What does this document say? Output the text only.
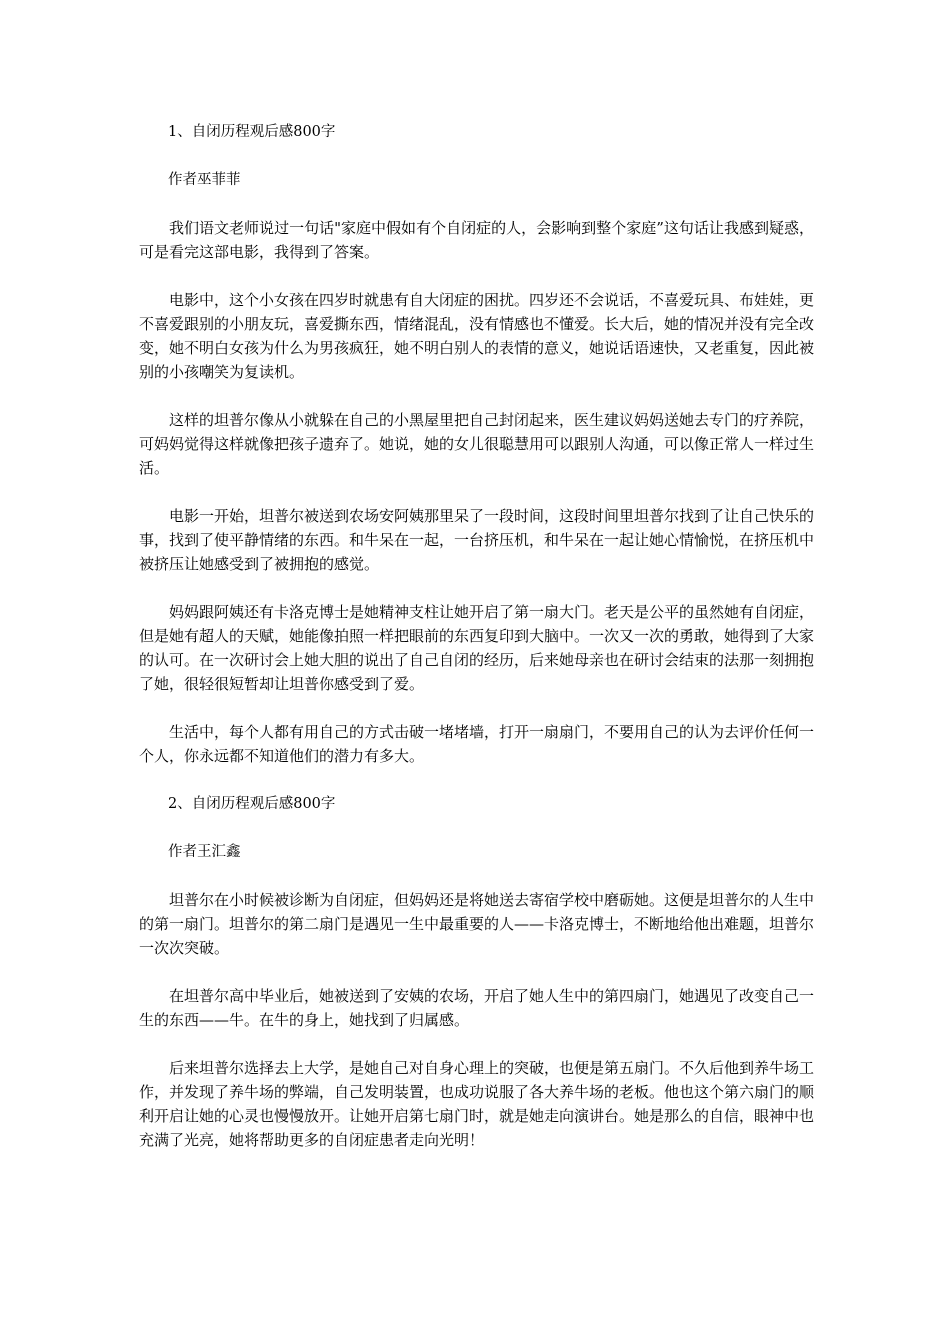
1、自闭历程观后感800字

作者巫菲菲

我们语文老师说过一句话"家庭中假如有个自闭症的人，会影响到整个家庭”这句话让我感到疑惑，可是看完这部电影，我得到了答案。

电影中，这个小女孩在四岁时就患有自大闭症的困扰。四岁还不会说话，不喜爱玩具、布娃娃，更不喜爱跟别的小朋友玩，喜爱撕东西，情绪混乱，没有情感也不懂爱。长大后，她的情况并没有完全改变，她不明白女孩为什么为男孩疯狂，她不明白别人的表情的意义，她说话语速快，又老重复，因此被别的小孩嘲笑为复读机。

这样的坦普尔像从小就躲在自己的小黑屋里把自己封闭起来，医生建议妈妈送她去专门的疗养院，可妈妈觉得这样就像把孩子遗弃了。她说，她的女儿很聪慧用可以跟别人沟通，可以像正常人一样过生活。

电影一开始，坦普尔被送到农场安阿姨那里呆了一段时间，这段时间里坦普尔找到了让自己快乐的事，找到了使平静情绪的东西。和牛呆在一起，一台挤压机，和牛呆在一起让她心情愉悦，在挤压机中被挤压让她感受到了被拥抱的感觉。

妈妈跟阿姨还有卡洛克博士是她精神支柱让她开启了第一扇大门。老天是公平的虽然她有自闭症，但是她有超人的天赋，她能像拍照一样把眼前的东西复印到大脑中。一次又一次的勇敢，她得到了大家的认可。在一次研讨会上她大胆的说出了自己自闭的经历，后来她母亲也在研讨会结束的法那一刻拥抱了她，很轻很短暂却让坦普你感受到了爱。

生活中，每个人都有用自己的方式击破一堵堵墙，打开一扇扇门，不要用自己的认为去评价任何一个人，你永远都不知道他们的潜力有多大。

2、自闭历程观后感800字

作者王汇鑫

坦普尔在小时候被诊断为自闭症，但妈妈还是将她送去寄宿学校中磨砺她。这便是坦普尔的人生中的第一扇门。坦普尔的第二扇门是遇见一生中最重要的人——卡洛克博士，不断地给他出难题，坦普尔一次次突破。

在坦普尔高中毕业后，她被送到了安姨的农场，开启了她人生中的第四扇门，她遇见了改变自己一生的东西——牛。在牛的身上，她找到了归属感。

后来坦普尔选择去上大学，是她自己对自身心理上的突破，也便是第五扇门。不久后他到养牛场工作，并发现了养牛场的弊端，自己发明装置，也成功说服了各大养牛场的老板。他也这个第六扇门的顺利开启让她的心灵也慢慢放开。让她开启第七扇门时，就是她走向演讲台。她是那么的自信，眼神中也充满了光亮，她将帮助更多的自闭症患者走向光明！
